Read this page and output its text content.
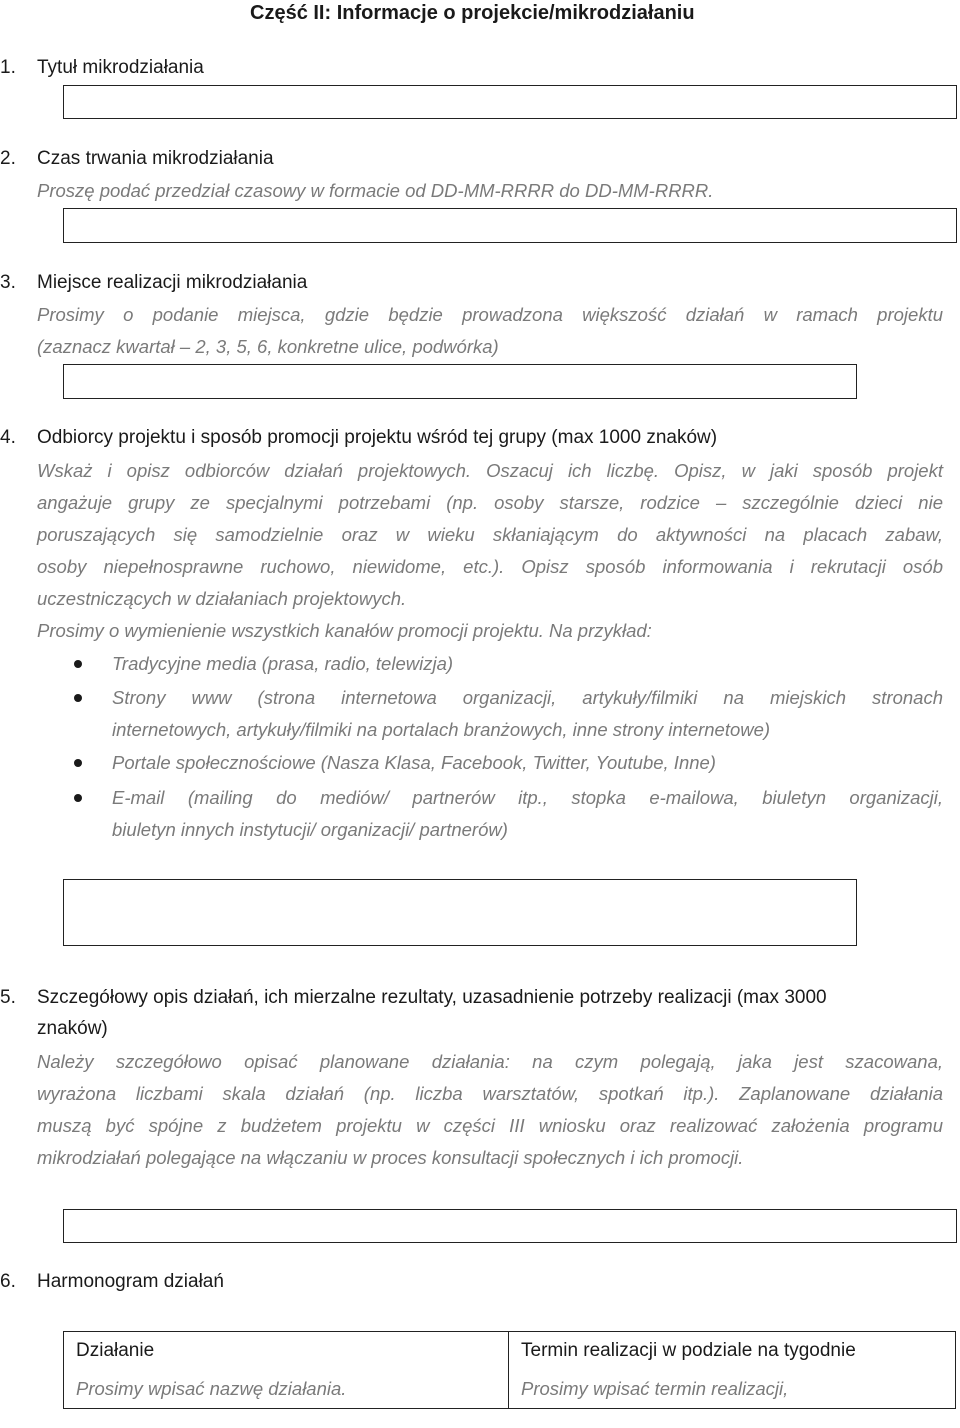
Część II: Informacje o projekcie/mikrodziałaniu
1. Tytuł mikrodziałania
2. Czas trwania mikrodziałania
Proszę podać przedział czasowy w formacie od DD-MM-RRRR do DD-MM-RRRR.
3. Miejsce realizacji mikrodziałania
Prosimy o podanie miejsca, gdzie będzie prowadzona większość działań w ramach projektu
(zaznacz kwartał – 2, 3, 5, 6, konkretne ulice, podwórka)
4. Odbiorcy projektu i sposób promocji projektu wśród tej grupy (max 1000 znaków)
Wskaż i opisz odbiorców działań projektowych. Oszacuj ich liczbę. Opisz, w jaki sposób projekt
angażuje grupy ze specjalnymi potrzebami (np. osoby starsze, rodzice – szczególnie dzieci nie
poruszających się samodzielnie oraz w wieku skłaniającym do aktywności na placach zabaw,
osoby niepełnosprawne ruchowo, niewidome, etc.). Opisz sposób informowania i rekrutacji osób
uczestniczących w działaniach projektowych.
Prosimy o wymienienie wszystkich kanałów promocji projektu. Na przykład:
Tradycyjne media (prasa, radio, telewizja)
Strony www (strona internetowa organizacji, artykuły/filmiki na miejskich stronach
internetowych, artykuły/filmiki na portalach branżowych, inne strony internetowe)
Portale społecznościowe (Nasza Klasa, Facebook, Twitter, Youtube, Inne)
E-mail (mailing do mediów/ partnerów itp., stopka e-mailowa, biuletyn organizacji,
biuletyn innych instytucji/ organizacji/ partnerów)
5. Szczegółowy opis działań, ich mierzalne rezultaty, uzasadnienie potrzeby realizacji (max 3000
znaków)
Należy szczegółowo opisać planowane działania: na czym polegają, jaka jest szacowana,
wyrażona liczbami skala działań (np. liczba warsztatów, spotkań itp.). Zaplanowane działania
muszą być spójne z budżetem projektu w części III wniosku oraz realizować założenia programu
mikrodziałań polegające na włączaniu w proces konsultacji społecznych i ich promocji.
6. Harmonogram działań
Działanie	Termin realizacji w podziale na tygodnie
Prosimy wpisać nazwę działania.	Prosimy wpisać termin realizacji,
